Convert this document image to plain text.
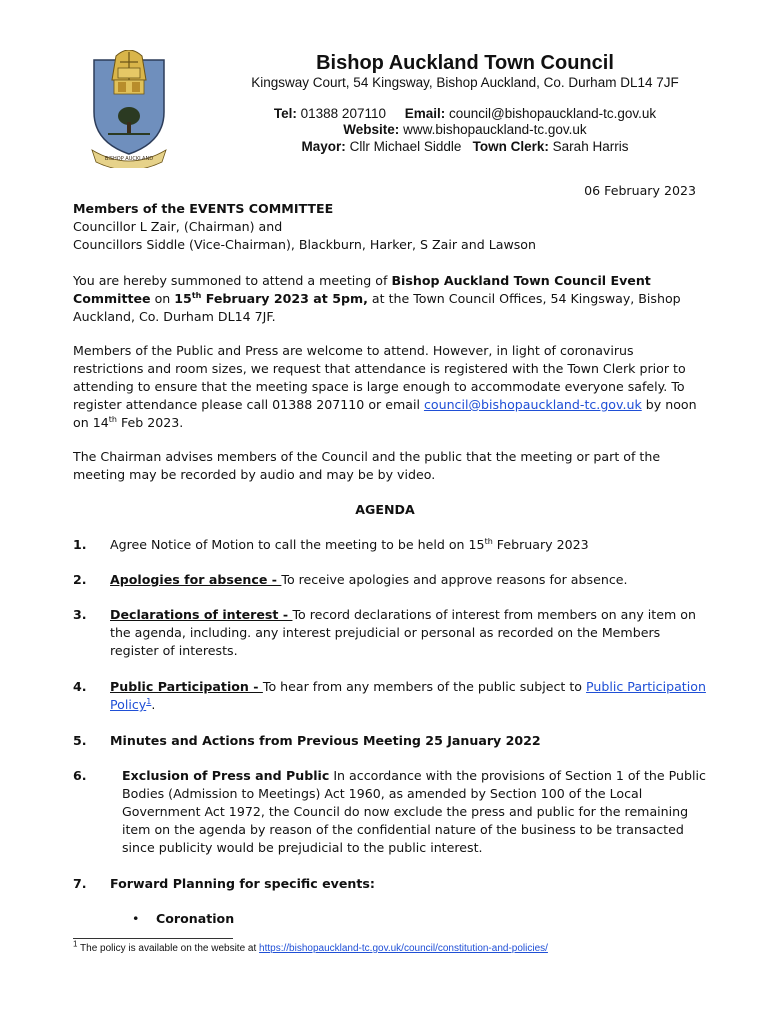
BISHOP AUCKLAND
Bishop Auckland Town Council
Kingsway Court, 54 Kingsway, Bishop Auckland, Co. Durham DL14 7JF
Tel: 01388 207110 Email: council@bishopauckland-tc.gov.uk
Website: www.bishopauckland-tc.gov.uk
Mayor: Cllr Michael Siddle Town Clerk: Sarah Harris
06 February 2023
Members of the EVENTS COMMITTEE
Councillor L Zair, (Chairman) and
Councillors Siddle (Vice-Chairman), Blackburn, Harker, S Zair and Lawson
You are hereby summoned to attend a meeting of Bishop Auckland Town Council Event
Committee on 15th February 2023 at 5pm, at the Town Council Offices, 54 Kingsway, Bishop
Auckland, Co. Durham DL14 7JF.
Members of the Public and Press are welcome to attend. However, in light of coronavirus
restrictions and room sizes, we request that attendance is registered with the Town Clerk prior to
attending to ensure that the meeting space is large enough to accommodate everyone safely. To
register attendance please call 01388 207110 or email council@bishopauckland-tc.gov.uk by noon
on 14th Feb 2023.
The Chairman advises members of the Council and the public that the meeting or part of the
meeting may be recorded by audio and may be by video.
AGENDA
1. Agree Notice of Motion to call the meeting to be held on 15th February 2023
2. Apologies for absence - To receive apologies and approve reasons for absence.
3. Declarations of interest - To record declarations of interest from members on any item on
the agenda, including. any interest prejudicial or personal as recorded on the Members
register of interests.
4. Public Participation - To hear from any members of the public subject to Public Participation
Policy$^1$.
5. Minutes and Actions from Previous Meeting 25 January 2022
6.	Exclusion of Press and Public In accordance with the provisions of Section 1 of the Public
Bodies (Admission to Meetings) Act 1960, as amended by Section 100 of the Local
Government Act 1972, the Council do now exclude the press and public for the remaining
item on the agenda by reason of the confidential nature of the business to be transacted
since publicity would be prejudicial to the public interest.
7. Forward Planning for specific events:
• Coronation
$^1$ The policy is available on the website at https://bishopauckland-tc.gov.uk/council/constitution-and-policies/
